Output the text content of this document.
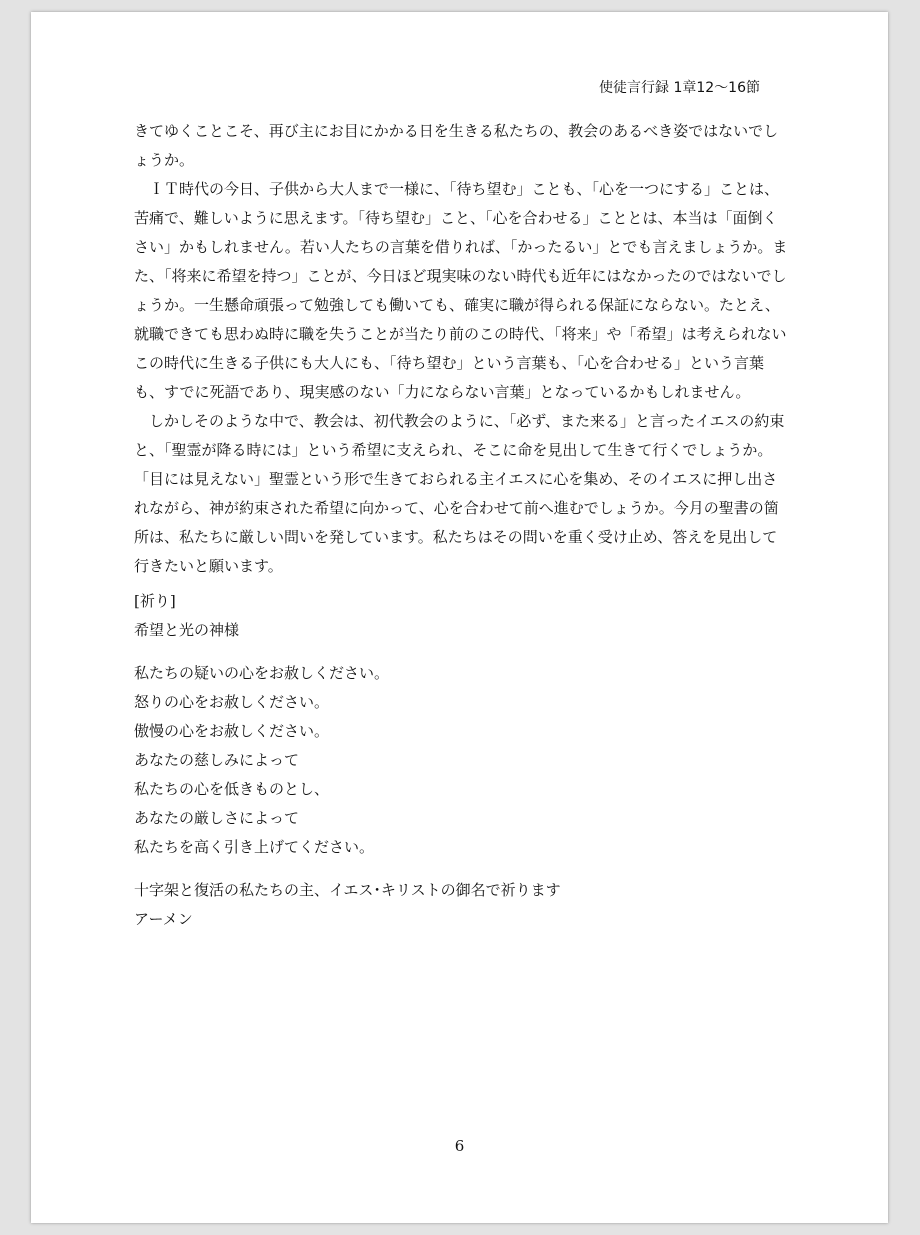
使徒言行録 1章12〜16節

きてゆくことこそ、再び主にお目にかかる日を生きる私たちの、教会のあるべき姿ではないでしょうか。

ＩＴ時代の今日、子供から大人まで一様に、「待ち望む」ことも、「心を一つにする」ことは、苦痛で、難しいように思えます。「待ち望む」こと、「心を合わせる」こととは、本当は「面倒くさい」かもしれません。若い人たちの言葉を借りれば、「かったるい」とでも言えましょうか。また、「将来に希望を持つ」ことが、今日ほど現実味のない時代も近年にはなかったのではないでしょうか。一生懸命頑張って勉強しても働いても、確実に職が得られる保証にならない。たとえ、就職できても思わぬ時に職を失うことが当たり前のこの時代、「将来」や「希望」は考えられないこの時代に生きる子供にも大人にも、「待ち望む」という言葉も、「心を合わせる」という言葉も、すでに死語であり、現実感のない「力にならない言葉」となっているかもしれません。

しかしそのような中で、教会は、初代教会のように、「必ず、また来る」と言ったイエスの約束と、「聖霊が降る時には」という希望に支えられ、そこに命を見出して生きて行くでしょうか。「目には見えない」聖霊という形で生きておられる主イエスに心を集め、そのイエスに押し出されながら、神が約束された希望に向かって、心を合わせて前へ進むでしょうか。今月の聖書の箇所は、私たちに厳しい問いを発しています。私たちはその問いを重く受け止め、答えを見出して行きたいと願います。

[祈り]

希望と光の神様

私たちの疑いの心をお赦しください。

怒りの心をお赦しください。

傲慢の心をお赦しください。

あなたの慈しみによって

私たちの心を低きものとし、

あなたの厳しさによって

私たちを高く引き上げてください。

十字架と復活の私たちの主、イエス･キリストの御名で祈ります

アーメン

6
